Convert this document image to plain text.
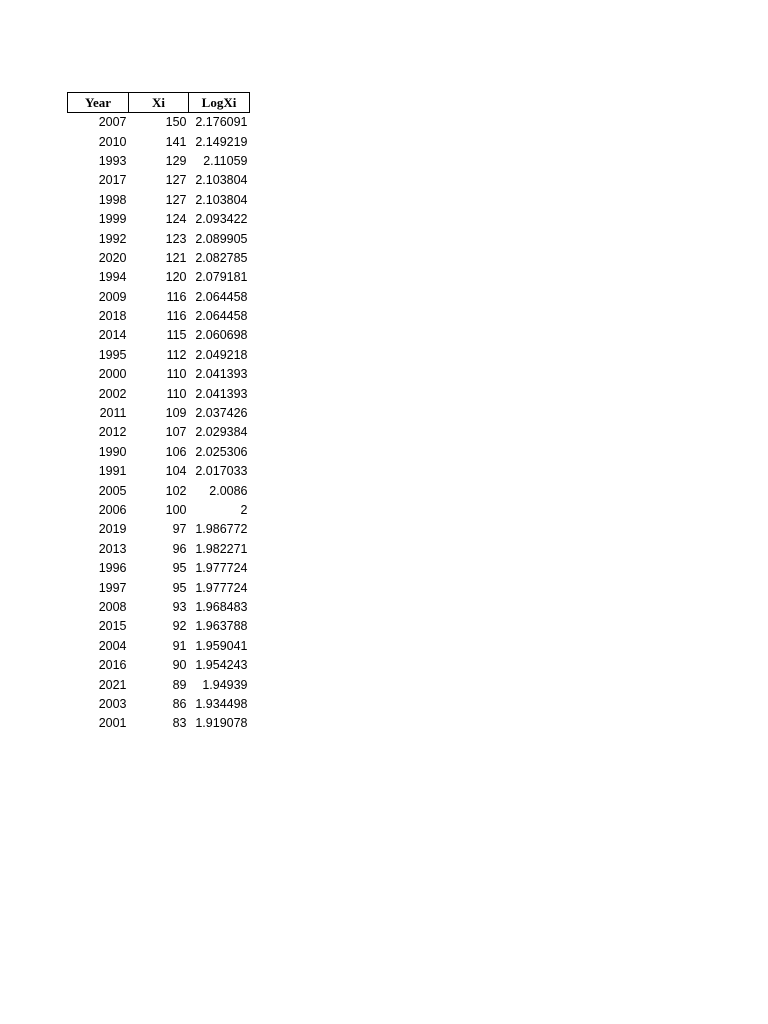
Year	Xi	LogXi
2007	150	2.176091
2010	141	2.149219
1993	129	2.11059
2017	127	2.103804
1998	127	2.103804
1999	124	2.093422
1992	123	2.089905
2020	121	2.082785
1994	120	2.079181
2009	116	2.064458
2018	116	2.064458
2014	115	2.060698
1995	112	2.049218
2000	110	2.041393
2002	110	2.041393
2011	109	2.037426
2012	107	2.029384
1990	106	2.025306
1991	104	2.017033
2005	102	2.0086
2006	100	2
2019	97	1.986772
2013	96	1.982271
1996	95	1.977724
1997	95	1.977724
2008	93	1.968483
2015	92	1.963788
2004	91	1.959041
2016	90	1.954243
2021	89	1.94939
2003	86	1.934498
2001	83	1.919078
